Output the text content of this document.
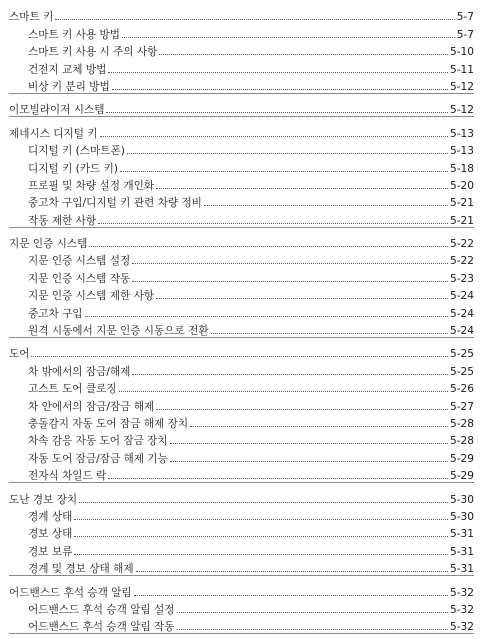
스마트 키	5-7
스마트 키 사용 방법	5-7
스마트 키 사용 시 주의 사항	5-10
건전지 교체 방법	5-11
비상 키 분리 방법	5-12
이모빌라이저 시스템	5-12
제네시스 디지털 키	5-13
디지털 키 (스마트폰)	5-13
디지털 키 (카드 키)	5-18
프로필 및 차량 설정 개인화	5-20
중고차 구입/디지털 키 관련 차량 정비	5-21
작동 제한 사항	5-21
지문 인증 시스템	5-22
지문 인증 시스템 설정	5-22
지문 인증 시스템 작동	5-23
지문 인증 시스템 제한 사항	5-24
중고차 구입	5-24
원격 시동에서 지문 인증 시동으로 전환	5-24
도어	5-25
차 밖에서의 잠금/해제	5-25
고스트 도어 클로징	5-26
차 안에서의 잠금/잠금 해제	5-27
충돌감지 자동 도어 잠금 해제 장치	5-28
차속 감응 자동 도어 잠금 장치	5-28
자동 도어 잠금/잠금 해제 기능	5-29
전자식 차일드 락	5-29
도난 경보 장치	5-30
경계 상태	5-30
경보 상태	5-31
경보 보류	5-31
경계 및 경보 상태 해제	5-31
어드밴스드 후석 승객 알림	5-32
어드밴스드 후석 승객 알림 설정	5-32
어드밴스드 후석 승객 알림 작동	5-32
